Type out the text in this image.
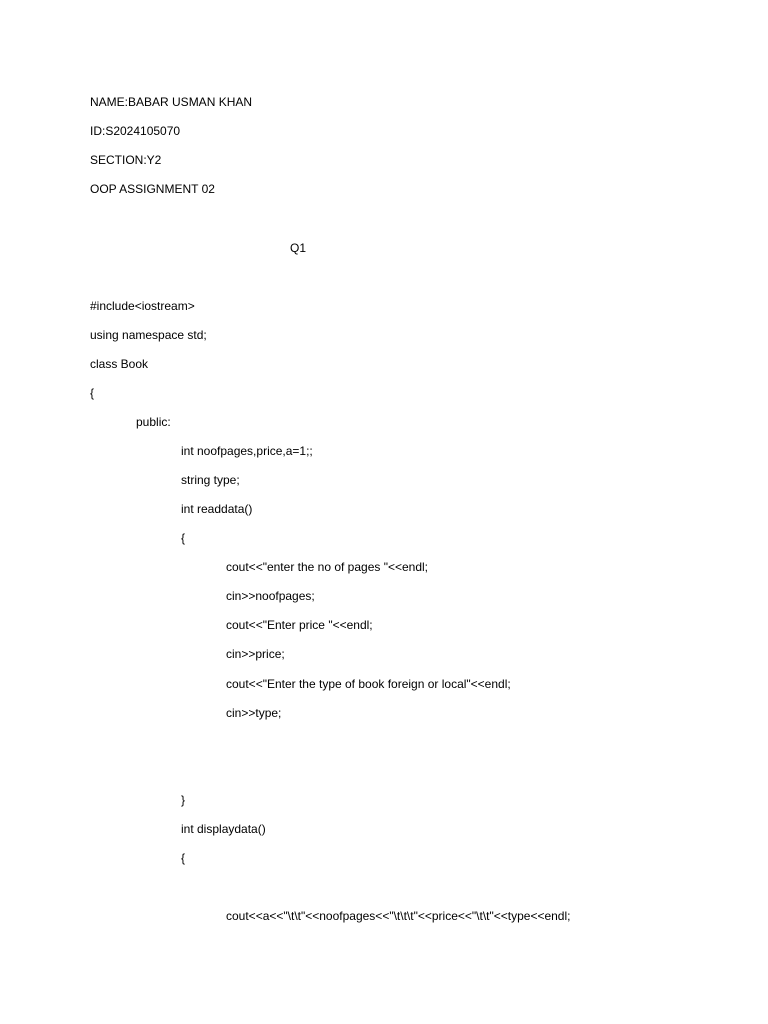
NAME:BABAR USMAN KHAN
ID:S2024105070
SECTION:Y2
OOP ASSIGNMENT 02
Q1
#include<iostream>
using namespace std;
class Book
{
public:
int noofpages,price,a=1;;
string type;
int readdata()
{
cout<<"enter the no of pages "<<endl;
cin>>noofpages;
cout<<"Enter price "<<endl;
cin>>price;
cout<<"Enter the type of book foreign or local"<<endl;
cin>>type;
}
int displaydata()
{
cout<<a<<"\t\t"<<noofpages<<"\t\t\t"<<price<<"\t\t"<<type<<endl;
